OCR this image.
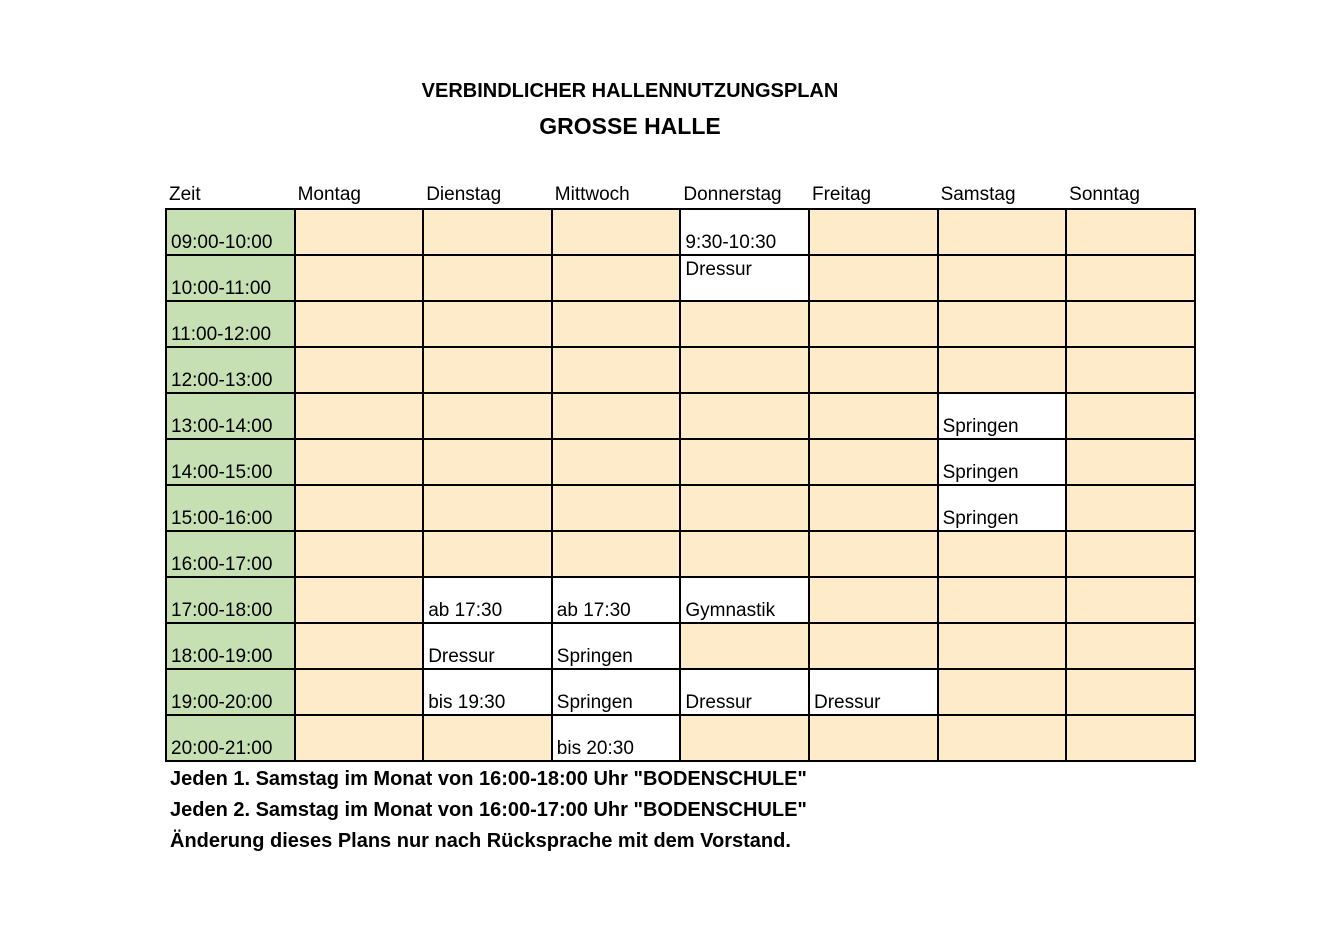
VERBINDLICHER HALLENNUTZUNGSPLAN
GROSSE HALLE
Zeit	Montag	Dienstag	Mittwoch	Donnerstag	Freitag	Samstag	Sonntag
09:00-10:00				9:30-10:30			
10:00-11:00				Dressur			
11:00-12:00							
12:00-13:00							
13:00-14:00						Springen	
14:00-15:00						Springen	
15:00-16:00						Springen	
16:00-17:00							
17:00-18:00		ab 17:30	ab 17:30	Gymnastik			
18:00-19:00		Dressur	Springen				
19:00-20:00		bis 19:30	Springen	Dressur	Dressur		
20:00-21:00			bis 20:30				
Jeden 1. Samstag im Monat von 16:00-18:00 Uhr "BODENSCHULE"
Jeden 2. Samstag im Monat von 16:00-17:00 Uhr "BODENSCHULE"
Änderung dieses Plans nur nach Rücksprache mit dem Vorstand.
